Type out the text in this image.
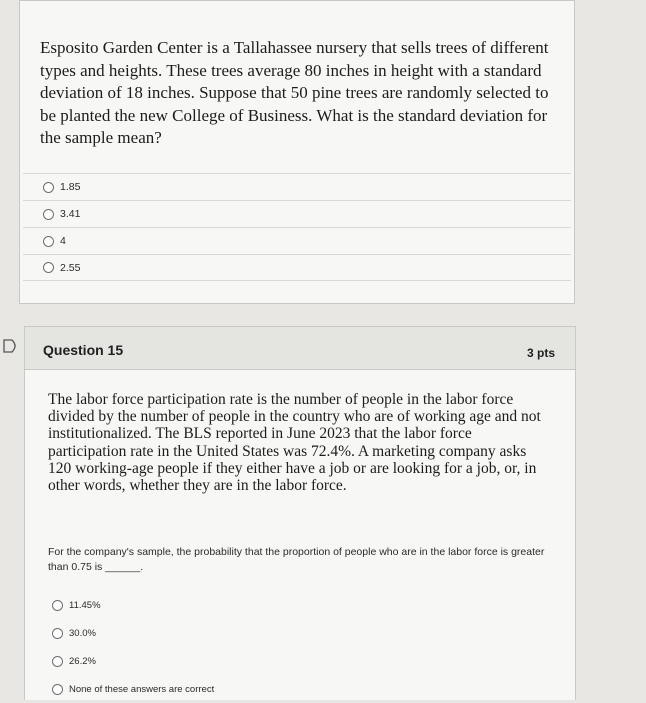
Esposito Garden Center is a Tallahassee nursery that sells trees of different types and heights. These trees average 80 inches in height with a standard deviation of 18 inches. Suppose that 50 pine trees are randomly selected to be planted the new College of Business. What is the standard deviation for the sample mean?
1.85
3.41
4
2.55
Question 15	3 pts
The labor force participation rate is the number of people in the labor force divided by the number of people in the country who are of working age and not institutionalized. The BLS reported in June 2023 that the labor force participation rate in the United States was 72.4%. A marketing company asks 120 working-age people if they either have a job or are looking for a job, or, in other words, whether they are in the labor force.
For the company's sample, the probability that the proportion of people who are in the labor force is greater than 0.75 is ______.
11.45%
30.0%
26.2%
None of these answers are correct
